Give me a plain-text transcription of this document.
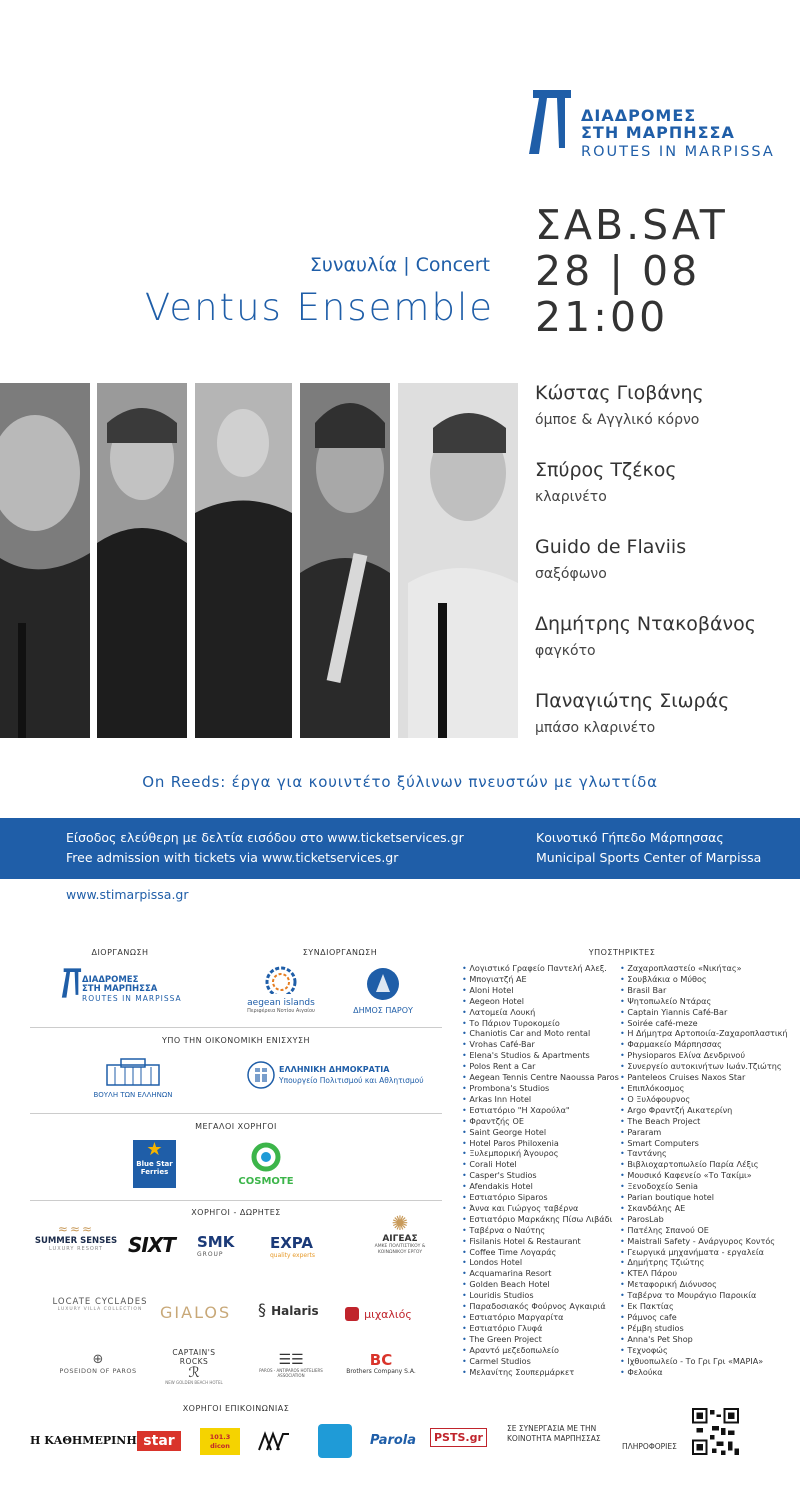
ΔΙΑΔΡΟΜΕΣ
ΣΤΗ ΜΑΡΠΗΣΣΑ
ROUTES IN MARPISSA
Συναυλία | Concert
Ventus Ensemble
ΣΑΒ.SAT
28 | 08
21:00
Κώστας Γιοβάνης
όμποε & Αγγλικό κόρνο
Σπύρος Τζέκος
κλαρινέτο
Guido de Flaviis
σαξόφωνο
Δημήτρης Ντακοβάνος
φαγκότο
Παναγιώτης Σιωράς
μπάσο κλαρινέτο
On Reeds: έργα για κουιντέτο ξύλινων πνευστών με γλωττίδα
Είσοδος ελεύθερη με δελτία εισόδου στο www.ticketservices.gr
Free admission with tickets via www.ticketservices.gr
Κοινοτικό Γήπεδο Μάρπησσας
Municipal Sports Center of Marpissa
www.stimarpissa.gr
ΔΙΟΡΓΑΝΩΣΗ	ΣΥΝΔΙΟΡΓΑΝΩΣΗ
ΔΙΑΔΡΟΜΕΣ
ΣΤΗ ΜΑΡΠΗΣΣΑ
ROUTES IN MARPISSA	aegean islands
Περιφέρεια Νοτίου Αιγαίου	ΔΗΜΟΣ ΠΑΡΟΥ
ΥΠΟ ΤΗΝ ΟΙΚΟΝΟΜΙΚΗ ΕΝΙΣΧΥΣΗ
ΒΟΥΛΗ ΤΩΝ ΕΛΛΗΝΩΝ
ΕΛΛΗΝΙΚΗ ΔΗΜΟΚΡΑΤΙΑ
Υπουργείο Πολιτισμού και Αθλητισμού
ΜΕΓΑΛΟΙ ΧΟΡΗΓΟΙ
★
Blue Star Ferries
COSMOTE
ΧΟΡΗΓΟΙ - ΔΩΡΗΤΕΣ
≈≈≈
SUMMER SENSES
LUXURY RESORT	SIXT SMK
GROUP
EXPA
quality experts
✺
ΑΙΓΕΑΣ
ΑΜΚΕ ΠΟΛΙΤΙΣΤΙΚΟΥ & ΚΟΙΝΩΝΙΚΟΥ ΕΡΓΟΥ
LOCATE CYCLADES
LUXURY VILLA COLLECTION	GIALOS § Halaris	μιχαλιός
⊕
POSEIDON OF PAROS
CAPTAIN'S ROCKS
ℛ
NEW GOLDEN BEACH HOTEL
☰☰
PAROS - ANTIPAROS HOTELIERS ASSOCIATION
BC
Brothers Company S.A.
ΧΟΡΗΓΟΙ ΕΠΙΚΟΙΝΩΝΙΑΣ
Η ΚΑΘΗΜΕΡΙΝΗ star	101.3 dicon	Parola	PSTS.gr
ΣΕ ΣΥΝΕΡΓΑΣΙΑ ΜΕ ΤΗΝ ΚΟΙΝΟΤΗΤΑ ΜΑΡΠΗΣΣΑΣ
ΥΠΟΣΤΗΡΙΚΤΕΣ
• Λογιστικό Γραφείο Παντελή Αλεξ.
• Μπογιατζή ΑΕ
• Aloni Hotel
• Aegeon Hotel
• Λατομεία Λουκή
• Το Πάριον Τυροκομείο
• Chaniotis Car and Moto rental
• Vrohas Café-Bar
• Elena's Studios & Apartments
• Polos Rent a Car
• Aegean Tennis Centre Naoussa Paros
• Prombona's Studios
• Arkas Inn Hotel
• Εστιατόριο "Η Χαρούλα"
• Φραντζής ΟΕ
• Saint George Hotel
• Hotel Paros Philoxenia
• Ξυλεμπορική Άγουρος
• Corali Hotel
• Casper's Studios
• Afendakis Hotel
• Εστιατόριο Siparos
• Άννα και Γιώργος ταβέρνα
• Εστιατόριο Μαρκάκης Πίσω Λιβάδι
• Ταβέρνα ο Ναύτης
• Fisilanis Hotel & Restaurant
• Coffee Time Λογαράς
• Londos Hotel
• Acquamarina Resort
• Golden Beach Hotel
• Louridis Studios
• Παραδοσιακός Φούρνος Αγκαιριά
• Εστιατόριο Μαργαρίτα
• Εστιατόριο Γλυφά
• The Green Project
• Αραντό μεζεδοπωλείο
• Carmel Studios
• Μελανίτης Σουπερμάρκετ
• Ζαχαροπλαστείο «Νικήτας»
• Σουβλάκια ο Μύθος
• Brasil Bar
• Ψητοπωλείο Ντάρας
• Captain Yiannis Café-Bar
• Soirée café-meze
• Η Δήμητρα Αρτοποιία-Ζαχαροπλαστική
• Φαρμακείο Μάρπησσας
• Physioparos Ελίνα Δενδρινού
• Συνεργείο αυτοκινήτων Ιωάν.Τζιώτης
• Panteleos Cruises Naxos Star
• Επιπλόκοσμος
• Ο Ξυλόφουρνος
• Argo Φραντζή Αικατερίνη
• The Beach Project
• Pararam
• Smart Computers
• Ταντάνης
• Βιβλιοχαρτοπωλείο Παρία Λέξις
• Μουσικό Καφενείο «Το Τακίμι»
• Ξενοδοχείο Senia
• Parian boutique hotel
• Σκανδάλης ΑΕ
• ParosLab
• Πατέλης Σπανού ΟΕ
• Maistrali Safety - Ανάργυρος Κοντός
• Γεωργικά μηχανήματα - εργαλεία
• Δημήτρης Τζιώτης
• ΚΤΕΛ Πάρου
• Μεταφορική Διόνυσος
• Ταβέρνα το Μουράγιο Παροικία
• Εκ Πακτίας
• Ράμνος cafe
• Ρέμβη studios
• Anna's Pet Shop
• Τεχνοφώς
• Ιχθυοπωλείο - Το Γρι Γρι «ΜΑΡΙΑ»
• Φελούκα
ΠΛΗΡΟΦΟΡΙΕΣ
